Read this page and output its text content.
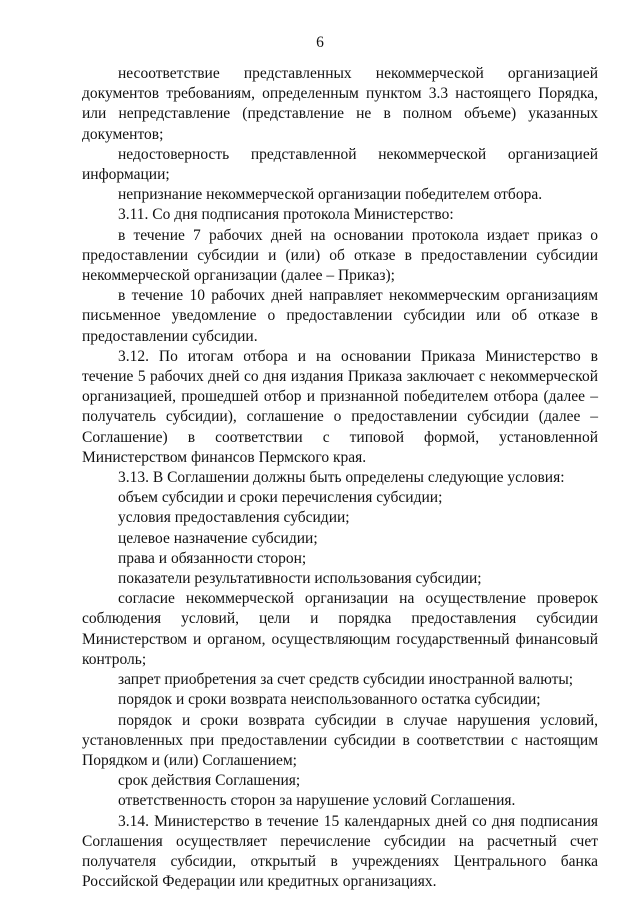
6

несоответствие представленных некоммерческой организацией документов требованиям, определенным пунктом 3.3 настоящего Порядка, или непредставление (представление не в полном объеме) указанных документов;

недостоверность представленной некоммерческой организацией информации;

непризнание некоммерческой организации победителем отбора.

3.11. Со дня подписания протокола Министерство:

в течение 7 рабочих дней на основании протокола издает приказ о предоставлении субсидии и (или) об отказе в предоставлении субсидии некоммерческой организации (далее – Приказ);

в течение 10 рабочих дней направляет некоммерческим организациям письменное уведомление о предоставлении субсидии или об отказе в предоставлении субсидии.

3.12. По итогам отбора и на основании Приказа Министерство в течение 5 рабочих дней со дня издания Приказа заключает с некоммерческой организацией, прошедшей отбор и признанной победителем отбора (далее – получатель субсидии), соглашение о предоставлении субсидии (далее – Соглашение) в соответствии с типовой формой, установленной Министерством финансов Пермского края.

3.13. В Соглашении должны быть определены следующие условия:

объем субсидии и сроки перечисления субсидии;

условия предоставления субсидии;

целевое назначение субсидии;

права и обязанности сторон;

показатели результативности использования субсидии;

согласие некоммерческой организации на осуществление проверок соблюдения условий, цели и порядка предоставления субсидии Министерством и органом, осуществляющим государственный финансовый контроль;

запрет приобретения за счет средств субсидии иностранной валюты;

порядок и сроки возврата неиспользованного остатка субсидии;

порядок и сроки возврата субсидии в случае нарушения условий, установленных при предоставлении субсидии в соответствии с настоящим Порядком и (или) Соглашением;

срок действия Соглашения;

ответственность сторон за нарушение условий Соглашения.

3.14. Министерство в течение 15 календарных дней со дня подписания Соглашения осуществляет перечисление субсидии на расчетный счет получателя субсидии, открытый в учреждениях Центрального банка Российской Федерации или кредитных организациях.
